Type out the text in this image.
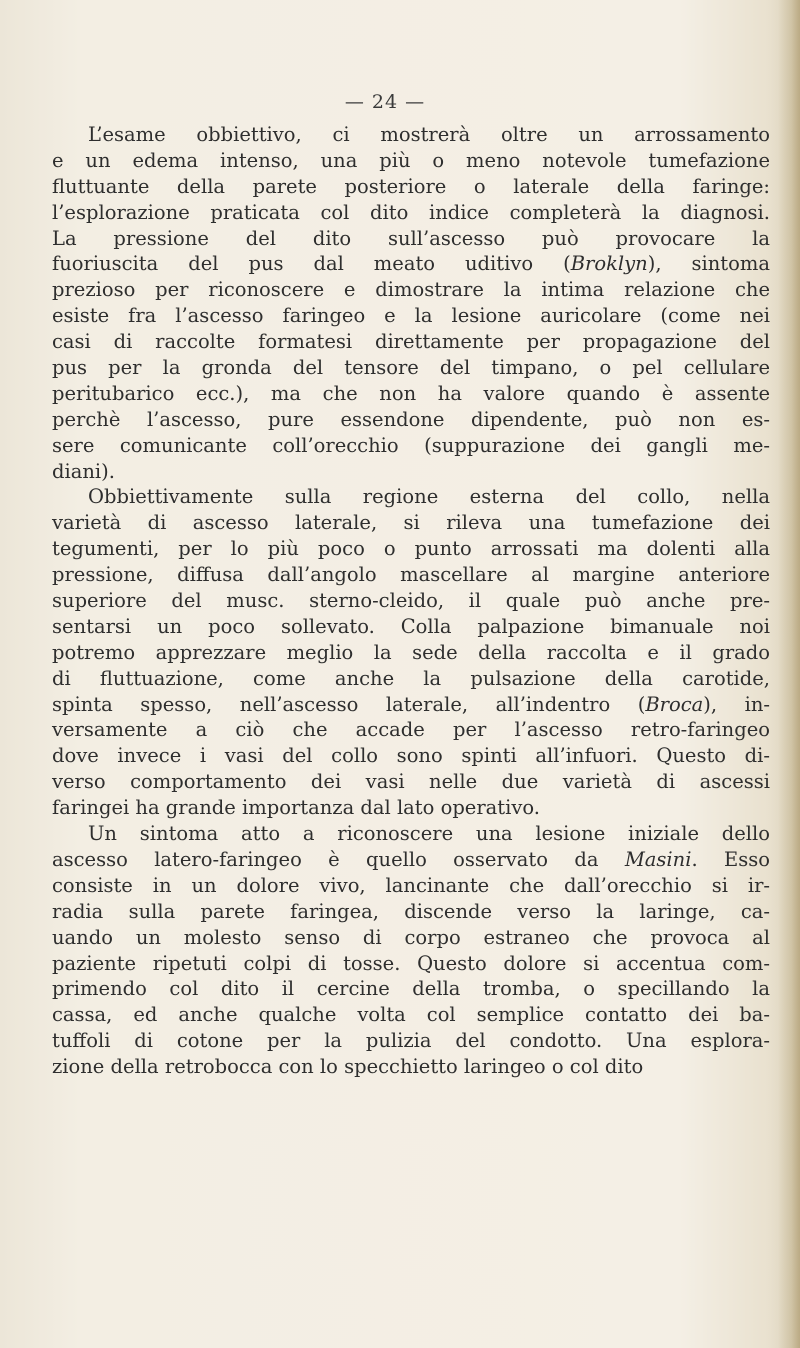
— 24 —
L’esame obbiettivo, ci mostrerà oltre un arrossamento
e un edema intenso, una più o meno notevole tumefazione
fluttuante della parete posteriore o laterale della faringe:
l’esplorazione praticata col dito indice completerà la diagnosi.
La pressione del dito sull’ascesso può provocare la
fuoriuscita del pus dal meato uditivo (Broklyn), sintoma
prezioso per riconoscere e dimostrare la intima relazione che
esiste fra l’ascesso faringeo e la lesione auricolare (come nei
casi di raccolte formatesi direttamente per propagazione del
pus per la gronda del tensore del timpano, o pel cellulare
peritubarico ecc.), ma che non ha valore quando è assente
perchè l’ascesso, pure essendone dipendente, può non es-
sere comunicante coll’orecchio (suppurazione dei gangli me-
diani).
Obbiettivamente sulla regione esterna del collo, nella
varietà di ascesso laterale, si rileva una tumefazione dei
tegumenti, per lo più poco o punto arrossati ma dolenti alla
pressione, diffusa dall’angolo mascellare al margine anteriore
superiore del musc. sterno-cleido, il quale può anche pre-
sentarsi un poco sollevato. Colla palpazione bimanuale noi
potremo apprezzare meglio la sede della raccolta e il grado
di fluttuazione, come anche la pulsazione della carotide,
spinta spesso, nell’ascesso laterale, all’indentro (Broca), in-
versamente a ciò che accade per l’ascesso retro-faringeo
dove invece i vasi del collo sono spinti all’infuori. Questo di-
verso comportamento dei vasi nelle due varietà di ascessi
faringei ha grande importanza dal lato operativo.
Un sintoma atto a riconoscere una lesione iniziale dello
ascesso latero-faringeo è quello osservato da Masini. Esso
consiste in un dolore vivo, lancinante che dall’orecchio si ir-
radia sulla parete faringea, discende verso la laringe, ca-
uando un molesto senso di corpo estraneo che provoca al
paziente ripetuti colpi di tosse. Questo dolore si accentua com-
primendo col dito il cercine della tromba, o specillando la
cassa, ed anche qualche volta col semplice contatto dei ba-
tuffoli di cotone per la pulizia del condotto. Una esplora-
zione della retrobocca con lo specchietto laringeo o col dito
